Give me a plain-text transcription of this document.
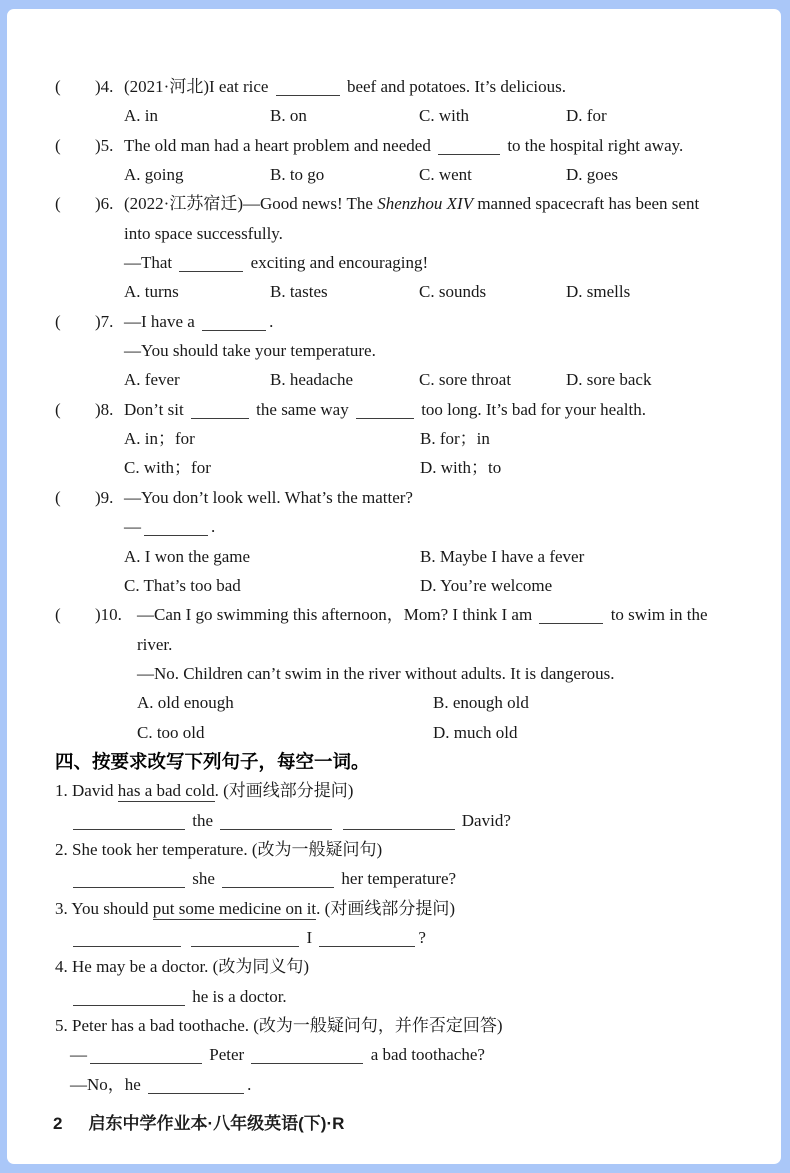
( )4. (2021·河北)I eat rice	beef and potatoes. It’s delicious.
A. in	B. on	C. with	D. for
( )5. The old man had a heart problem and needed	to the hospital right away.
A. going	B. to go	C. went	D. goes
( )6. (2022·江苏宿迁)—Good news! The Shenzhou XIV manned spacecraft has been sent
into space successfully.
—That	exciting and encouraging!
A. turns	B. tastes	C. sounds	D. smells
( )7. —I have a	.
—You should take your temperature.
A. fever	B. headache	C. sore throat	D. sore back
( )8. Don’t sit	the same way	too long. It’s bad for your health.
A. in；for	B. for；in
C. with；for	D. with；to
( )9. —You don’t look well. What’s the matter?
—	.
A. I won the game	B. Maybe I have a fever
C. That’s too bad	D. You’re welcome
( )10. —Can I go swimming this afternoon，Mom? I think I am	to swim in the
river.
—No. Children can’t swim in the river without adults. It is dangerous.
A. old enough	B. enough old
C. too old	D. much old
四、按要求改写下列句子，每空一词。
1. David has a bad cold. (对画线部分提问)
the	David?
2. She took her temperature. (改为一般疑问句)
she	her temperature?
3. You should put some medicine on it. (对画线部分提问)
I	?
4. He may be a doctor. (改为同义句)
he is a doctor.
5. Peter has a bad toothache. (改为一般疑问句，并作否定回答)
—	Peter	a bad toothache?
—No，he	.
2 启东中学作业本·八年级英语(下)·R
